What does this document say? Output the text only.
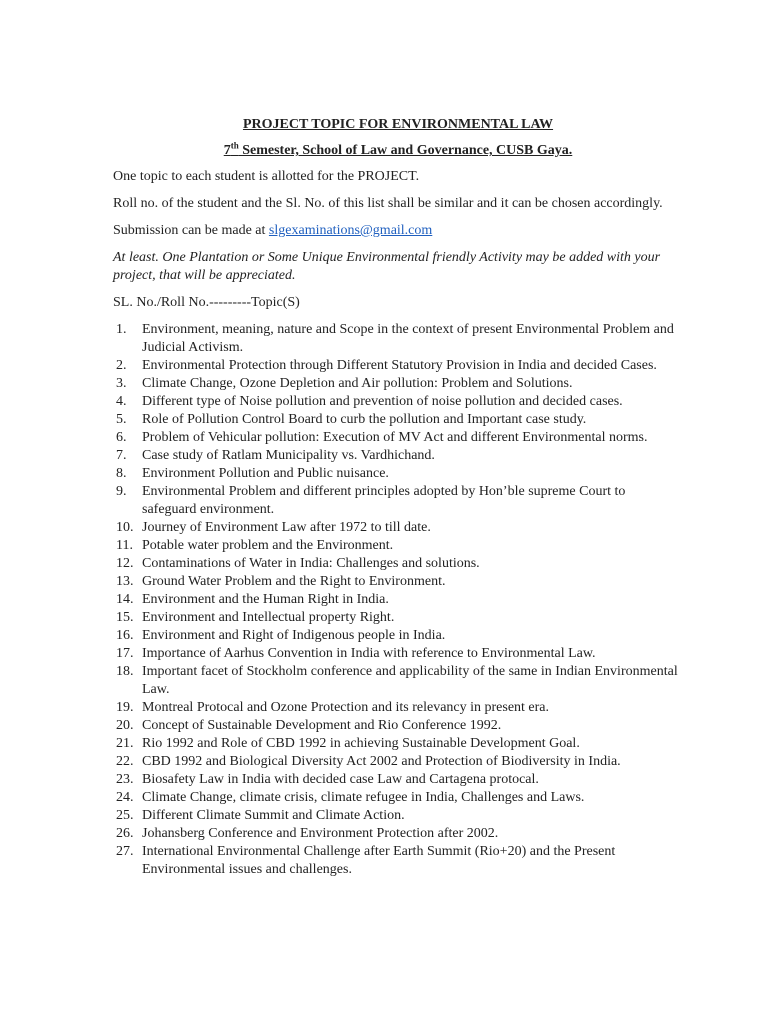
PROJECT TOPIC FOR ENVIRONMENTAL LAW
7th Semester, School of Law and Governance, CUSB Gaya.

One topic to each student is allotted for the PROJECT.

Roll no. of the student and the Sl. No. of this list shall be similar and it can be chosen accordingly.

Submission can be made at slgexaminations@gmail.com

At least. One Plantation or Some Unique Environmental friendly Activity may be added with your project, that will be appreciated.

SL. No./Roll No.---------Topic(S)

1.	Environment, meaning, nature and Scope in the context of present Environmental Problem and Judicial Activism.
2.	Environmental Protection through Different Statutory Provision in India and decided Cases.
3.	Climate Change, Ozone Depletion and Air pollution: Problem and Solutions.
4.	Different type of Noise pollution and prevention of noise pollution and decided cases.
5.	Role of Pollution Control Board to curb the pollution and Important case study.
6.	Problem of Vehicular pollution: Execution of MV Act and different Environmental norms.
7.	Case study of Ratlam Municipality vs. Vardhichand.
8.	Environment Pollution and Public nuisance.
9.	Environmental Problem and different principles adopted by Hon’ble supreme Court to safeguard environment.
10. Journey of Environment Law after 1972 to till date.
11. Potable water problem and the Environment.
12. Contaminations of Water in India: Challenges and solutions.
13. Ground Water Problem and the Right to Environment.
14. Environment and the Human Right in India.
15. Environment and Intellectual property Right.
16. Environment and Right of Indigenous people in India.
17. Importance of Aarhus Convention in India with reference to Environmental Law.
18. Important facet of Stockholm conference and applicability of the same in Indian Environmental Law.
19. Montreal Protocal and Ozone Protection and its relevancy in present era.
20. Concept of Sustainable Development and Rio Conference 1992.
21. Rio 1992 and Role of CBD 1992 in achieving Sustainable Development Goal.
22. CBD 1992 and Biological Diversity Act 2002 and Protection of Biodiversity in India.
23. Biosafety Law in India with decided case Law and Cartagena protocal.
24. Climate Change, climate crisis, climate refugee in India, Challenges and Laws.
25. Different Climate Summit and Climate Action.
26. Johansberg Conference and Environment Protection after 2002.
27. International Environmental Challenge after Earth Summit (Rio+20) and the Present Environmental issues and challenges.
